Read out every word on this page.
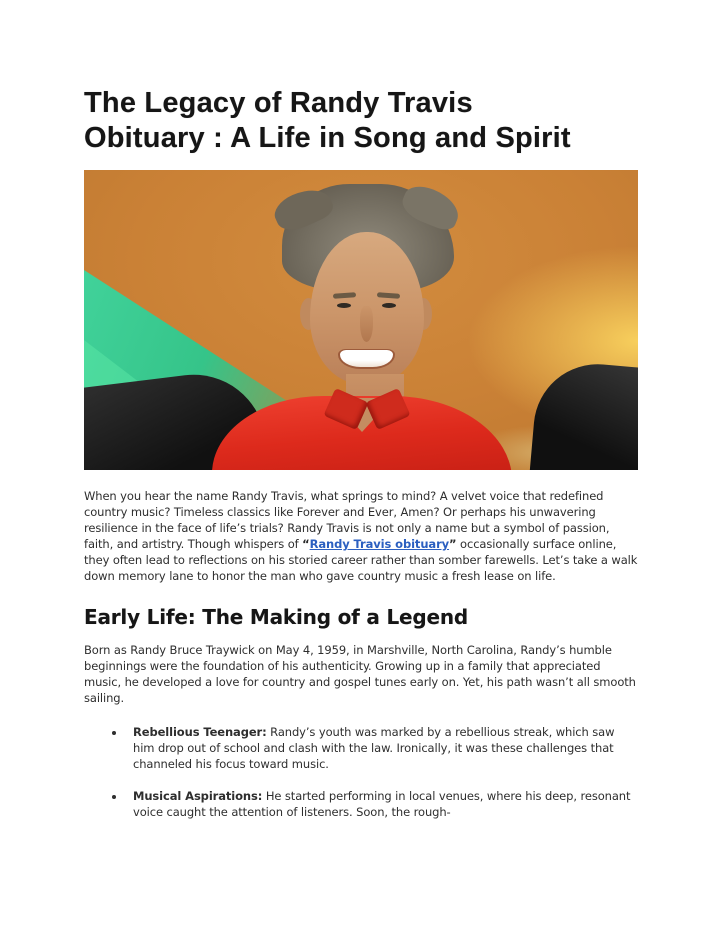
The Legacy of Randy Travis
Obituary : A Life in Song and Spirit

When you hear the name Randy Travis, what springs to mind? A velvet voice that redefined country music? Timeless classics like Forever and Ever, Amen? Or perhaps his unwavering resilience in the face of life’s trials? Randy Travis is not only a name but a symbol of passion, faith, and artistry. Though whispers of “Randy Travis obituary” occasionally surface online, they often lead to reflections on his storied career rather than somber farewells. Let’s take a walk down memory lane to honor the man who gave country music a fresh lease on life.

Early Life: The Making of a Legend

Born as Randy Bruce Traywick on May 4, 1959, in Marshville, North Carolina, Randy’s humble beginnings were the foundation of his authenticity. Growing up in a family that appreciated music, he developed a love for country and gospel tunes early on. Yet, his path wasn’t all smooth sailing.

• Rebellious Teenager: Randy’s youth was marked by a rebellious streak, which saw him drop out of school and clash with the law. Ironically, it was these challenges that channeled his focus toward music.
• Musical Aspirations: He started performing in local venues, where his deep, resonant voice caught the attention of listeners. Soon, the rough-
